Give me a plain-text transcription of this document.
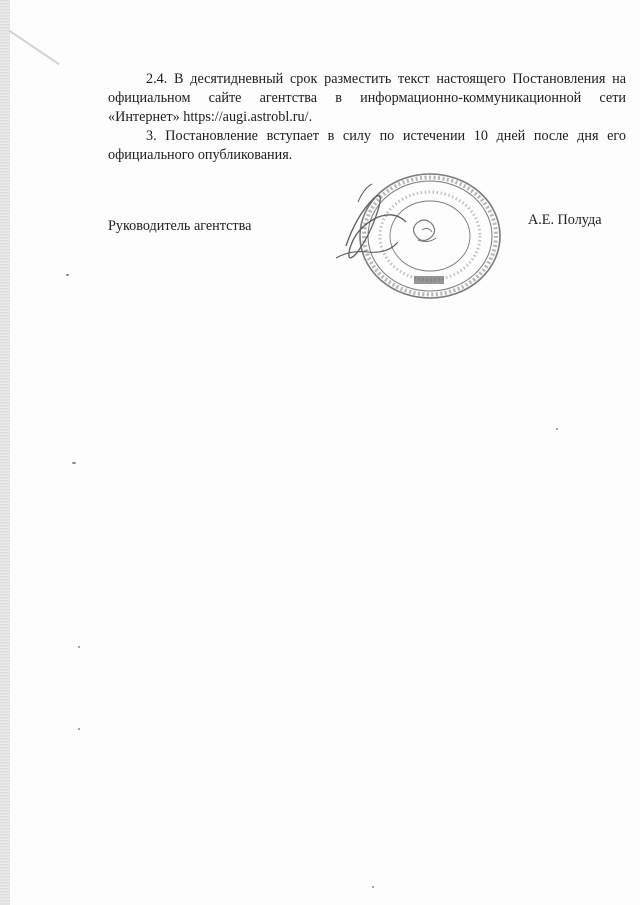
2.4. В десятидневный срок разместить текст настоящего Постановления на официальном сайте агентства в информационно-коммуникационной сети «Интернет» https://augi.astrobl.ru/.

3. Постановление вступает в силу по истечении 10 дней после дня его официального опубликования.

Руководитель агентства	А.Е. Полуда
